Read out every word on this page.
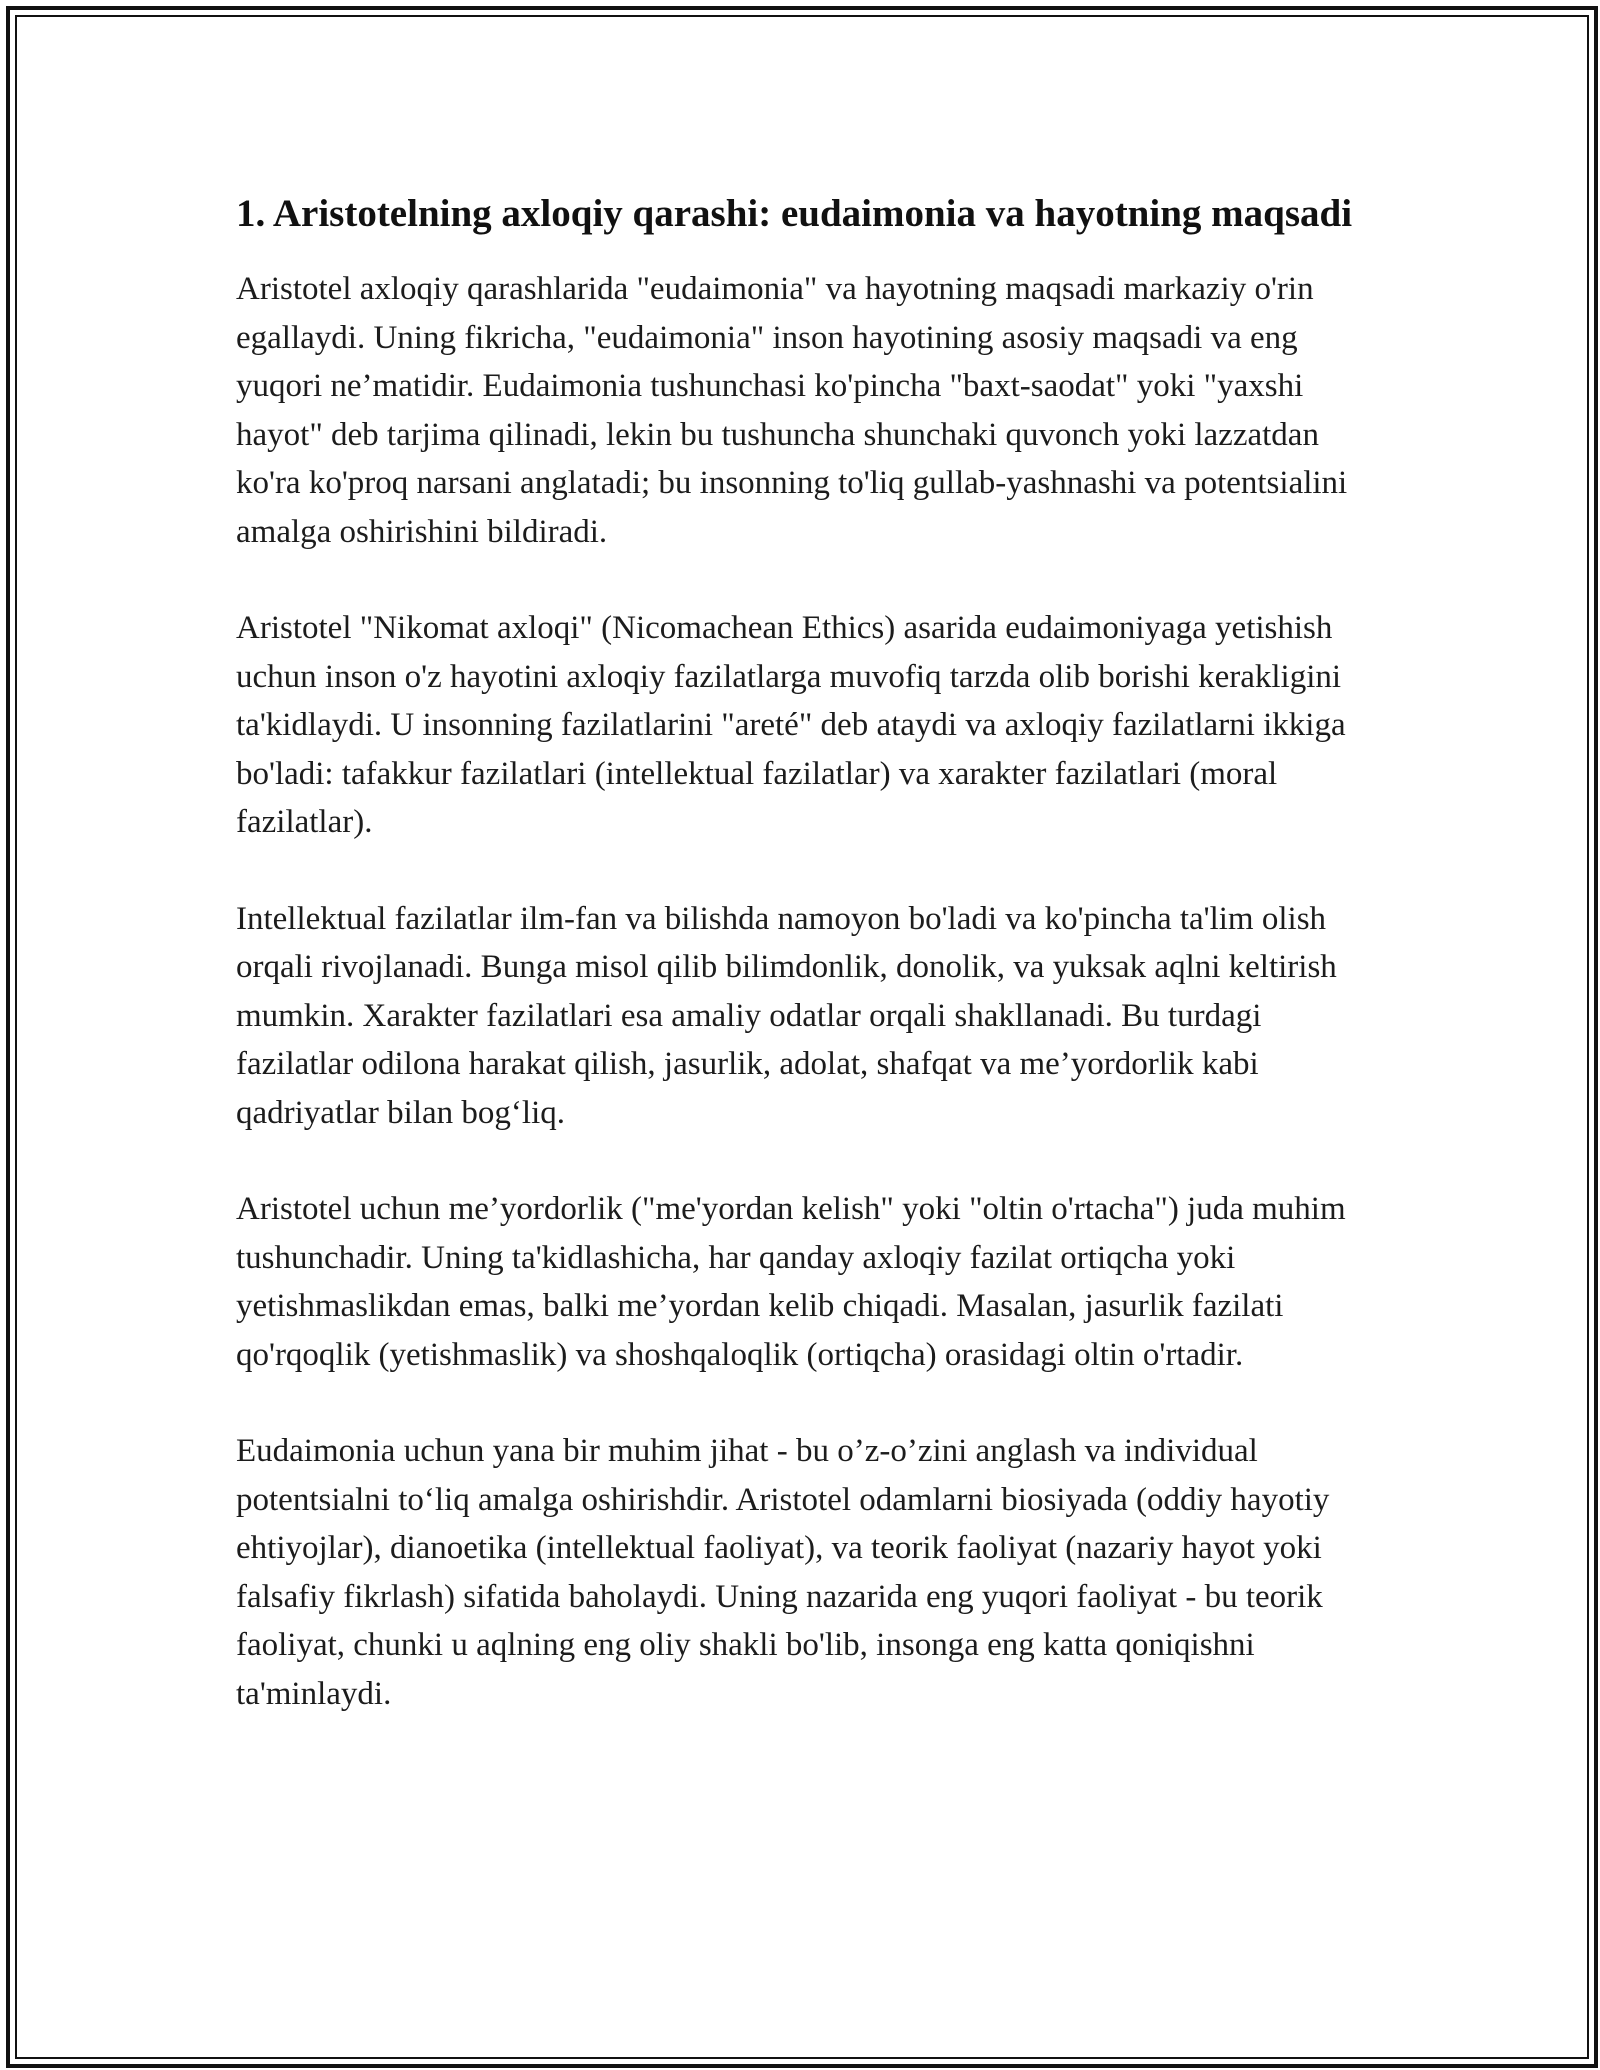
1. Aristotelning axloqiy qarashi: eudaimonia va hayotning maqsadi

Aristotel axloqiy qarashlarida "eudaimonia" va hayotning maqsadi markaziy o'rin egallaydi. Uning fikricha, "eudaimonia" inson hayotining asosiy maqsadi va eng yuqori ne’matidir. Eudaimonia tushunchasi ko'pincha "baxt-saodat" yoki "yaxshi hayot" deb tarjima qilinadi, lekin bu tushuncha shunchaki quvonch yoki lazzatdan ko'ra ko'proq narsani anglatadi; bu insonning to'liq gullab-yashnashi va potentsialini amalga oshirishini bildiradi.

Aristotel "Nikomat axloqi" (Nicomachean Ethics) asarida eudaimoniyaga yetishish uchun inson o'z hayotini axloqiy fazilatlarga muvofiq tarzda olib borishi kerakligini ta'kidlaydi. U insonning fazilatlarini "areté" deb ataydi va axloqiy fazilatlarni ikkiga bo'ladi: tafakkur fazilatlari (intellektual fazilatlar) va xarakter fazilatlari (moral fazilatlar).

Intellektual fazilatlar ilm-fan va bilishda namoyon bo'ladi va ko'pincha ta'lim olish orqali rivojlanadi. Bunga misol qilib bilimdonlik, donolik, va yuksak aqlni keltirish mumkin. Xarakter fazilatlari esa amaliy odatlar orqali shakllanadi. Bu turdagi fazilatlar odilona harakat qilish, jasurlik, adolat, shafqat va me’yordorlik kabi qadriyatlar bilan bog‘liq.

Aristotel uchun me’yordorlik ("me'yordan kelish" yoki "oltin o'rtacha") juda muhim tushunchadir. Uning ta'kidlashicha, har qanday axloqiy fazilat ortiqcha yoki yetishmaslikdan emas, balki me’yordan kelib chiqadi. Masalan, jasurlik fazilati qo'rqoqlik (yetishmaslik) va shoshqaloqlik (ortiqcha) orasidagi oltin o'rtadir.

Eudaimonia uchun yana bir muhim jihat - bu o’z-o’zini anglash va individual potentsialni to‘liq amalga oshirishdir. Aristotel odamlarni biosiyada (oddiy hayotiy ehtiyojlar), dianoetika (intellektual faoliyat), va teorik faoliyat (nazariy hayot yoki falsafiy fikrlash) sifatida baholaydi. Uning nazarida eng yuqori faoliyat - bu teorik faoliyat, chunki u aqlning eng oliy shakli bo'lib, insonga eng katta qoniqishni ta'minlaydi.
